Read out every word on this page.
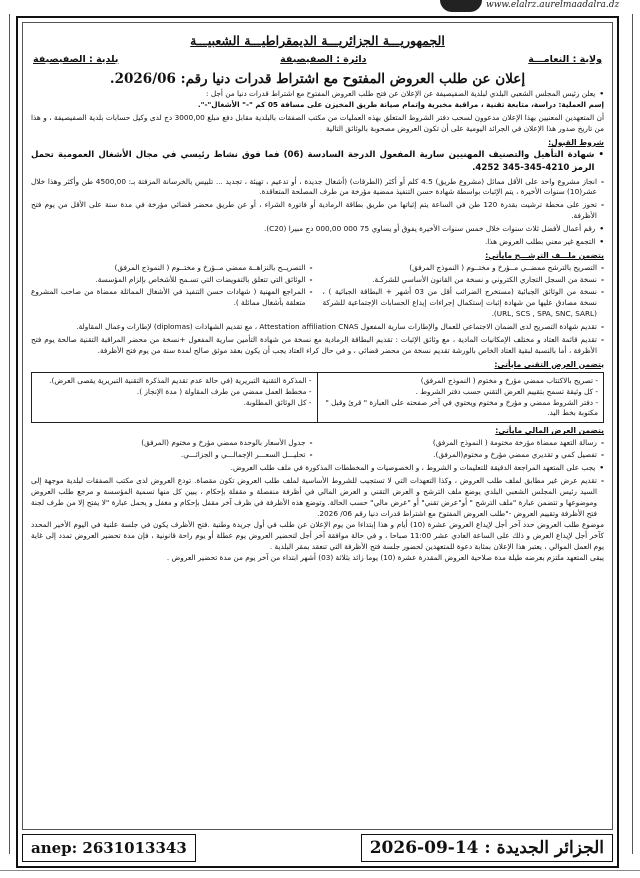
www.elalrz.aurelmaadalra.dz
الجمهوريـــة الجزائريـــة الديمقراطيـــة الشعبيـــة
ولاية : النعامـــة
دائرة : الصفيصيفة
بلدية : الصفيصيفة
إعلان عن طلب العروض المفتوح مع اشتراط قدرات دنيا رقم: 2026/06.
•
يعلن رئيس المجلس الشعبي البلدي لبلدية الصفيصيفة عن الإعلان عن فتح طلب العروض المفتوح مع اشتراط قدرات دنيا من أجل :
إسم العملية: دراسة، متابعة تقنية ، مراقبة مخبرية وإتمام صيانة طريق المخيزن على مسافة 05 كم "-" الأشغال"-".
أن المتعهدين المعنيين بهذا الإعلان مدعوون لسحب دفتر الشروط المتعلق بهذه العمليات من مكتب الصفقات بالبلدية مقابل دفع مبلغ 3000,00 دج لدى وكيل حسابات بلدية الصفيصيفة ، و هذا من تاريخ صدور هذا الإعلان في الجرائد اليومية على أن تكون العروض مصحوبة بالوثائق التالية
شروط القبول:
•
شهادة التأهيل والتصنيف المهنيين سارية المفعول الدرجة السادسة (06) فما فوق نشاط رئيسي في مجال الأشغال العمومية تحمل الرمز 4210-345-345 4252.
-
انجاز مشروع واحد على الأقل مماثل (مشروع طريق) 4.5 كلم أو أكثر (الطرقات) (أشغال جديدة ، أو تدعيم ، تهيئة ، تجديد ... تلبيس بالخرسانة المزفتة بـ: 4500,00 طن وأكثر وهذا خلال عشر(10) سنوات الأخيرة ، يتم الإثبات بواسطة شهادة حسن التنفيذ ممضية مؤرخة من طرف المصلحة المتعاقدة.
-
تحوز على محطة ترشيت بقدرة 120 طن في الساعة يتم إثباتها من طريق بطاقة الرمادية أو فاتورة الشراء ، أو عن طريق محضر قضائي مؤرخة في مدة سنة على الأقل من يوم فتح الأظرفة.
•
رقم أعمال لأفضل ثلاث سنوات خلال خمس سنوات الأخيرة يفوق أو يساوي 75 000 000,00 دج مبيرا (C20).
•
التجمع غير معني بطلب العروض هذا.
يتضمن ملـــف الترشـــح مايأتي:
-
التصريح بالترشح ممضــي مــؤرخ و مختــوم ( النموذج المرفق)
-
نسخة من السجل التجاري الكتروني و نسخة من القانون الأساسي للشركـة.
-
نسخة من الوثائق الجبائية (مستخرج الضرائب أقل من 03 أشهر + البطاقة الجبائية ) ، نسخة مصادق عليها من شهادة إثبات إستكمال إجراءات إيداع الحسابات الإجتماعية للشركة (URL, SCS , SPA, SNC, SARL).
-
التصريــح بالنزاهــة ممضي مــؤرخ و مختــوم ( النموذج المرفق)
-
الوثائق التي تتعلق بالتفويضات التي تسـمح للأشخاص بإلزام المؤسسة.
-
المراجع المهنية ( شهادات حسن التنفيذ في الأشغال المماثلة ممضاة من صاحب المشروع متعلقة بأشغال مماثلة ).
-
تقديم شهادة التصريح لدى الضمان الاجتماعي للعمال والإطارات سارية المفعول Attestation affiliation CNAS ، مع تقديم الشهادات (diplomas) لإطارات وعمال المقاولة.
-
تقديم قائمة العتاد و مختلف الإمكانيات المادية ، مع وثائق الإثبات : تقديم البطاقة الرمادية مع نسخة من شهادة التأمين سارية المفعول +نسخة من محضر المراقبة التقنية صالحة يوم فتح الأظرفة ، أما بالنسبة لبقية العتاد الخاص بالورشة تقديم نسخة من محضر قضائي ، و في حال كراء العتاد يجب أن يكون بعقد موثق صالح لمدة سنة من يوم فتح الأظرفة.
يتضمن العرض التقني مايأتي:
- تصريح بالاكتتاب ممضي مؤرخ و مختوم ( النموذج المرفق)
- كل وثيقة تسمح بتقييم العرض التقني حسب دفتر الشروط .
- دفتر الشروط ممضي و مؤرخ و مختوم ويحتوي في آخر صفحته على العبارة " قرئ وقبل " مكتوبة بخط اليد.
- المذكرة التقنية التبريرية (في حالة عدم تقديم المذكرة التقنية التبريرية يقصى العرض).
- مخطط العمل ممضي من طرف المقاولة ( مدة الإنجاز ).
- كل الوثائق المطلوبة.
يتضمن العرض المالي مايأتي:
-
رسالة التعهد ممضاة مؤرخة مختومة ( النموذج المرفق)
-
تفصيل كمي و تقديري ممضي مؤرخ و مختوم(المرفق).
-
جدول الأسعار بالوحدة ممضي مؤرخ و مختوم (المرفق)
-
تحليـــل السعـــر الإجمالـــي و الجزائـــي.
•
يجب على المتعهد المراجعة الدقيقة للتعليمات و الشروط ، و الخصوصيات و المخططات المذكورة في ملف طلب العروض.
-
تقديم عرض غير مطابق لملف طلب العروض ، وكذا التعهدات التي لا تستجيب للشروط الأساسية لملف طلب العروض تكون مقصاة. تودع العروض لدى مكتب الصفقات لبلدية موجهة إلى السيد رئيس المجلس الشعبي البلدي يوضع ملف الترشح و العرض التقني و العرض المالي في أظرفة منفصلة و مقفلة بإحكام ، يبين كل منها تسمية المؤسسة و مرجع طلب العروض وموضوعها و تتضمن عبارة "ملف الترشح " أو"عرض تقني" أو "عرض مالي" حسب الحالة. وتوضع هذه الأظرفة في ظرف آخر مقفل بإحكام و مغفل و يحمل عبارة "لا يفتح إلا من طرف لجنة فتح الأظرفة وتقييم العروض -"طلب العروض المفتوح مع اشتراط قدرات دنيا رقم 06/ 2026.
موضوع طلب العروض حدد آخر أجل لإيداع العروض عشرة (10) أيام و هذا إبتداءا من يوم الإعلان عن طلب في أول جريدة وطنية .فتح الأظرف يكون في جلسة علنية في اليوم الأخير المحدد كآخر أجل لإيداع العرض و ذلك على الساعة العادي عشر 11:00 صباحا ، و في حالة موافقة آخر أجل لتحضير العروض يوم عطلة أو يوم راحة قانونية ، فإن مدة تحضير العروض تمدد إلى غاية يوم العمل الموالي ، يعتبر هذا الإعلان بمثابة دعوة للمتعهدين لحضور جلسة فتح الأظرفة التي تنعقد بمقر البلدية .
يبقى المتعهد ملتزم بعرضه طيلة مدة صلاحية العروض المقدرة عشرة (10) يوما زائد بثلاثة (03) أشهر ابتداء من آخر يوم من مدة تحضير العروض .
الجزائر الجديدة : 14-09-2026
anep: 2631013343
